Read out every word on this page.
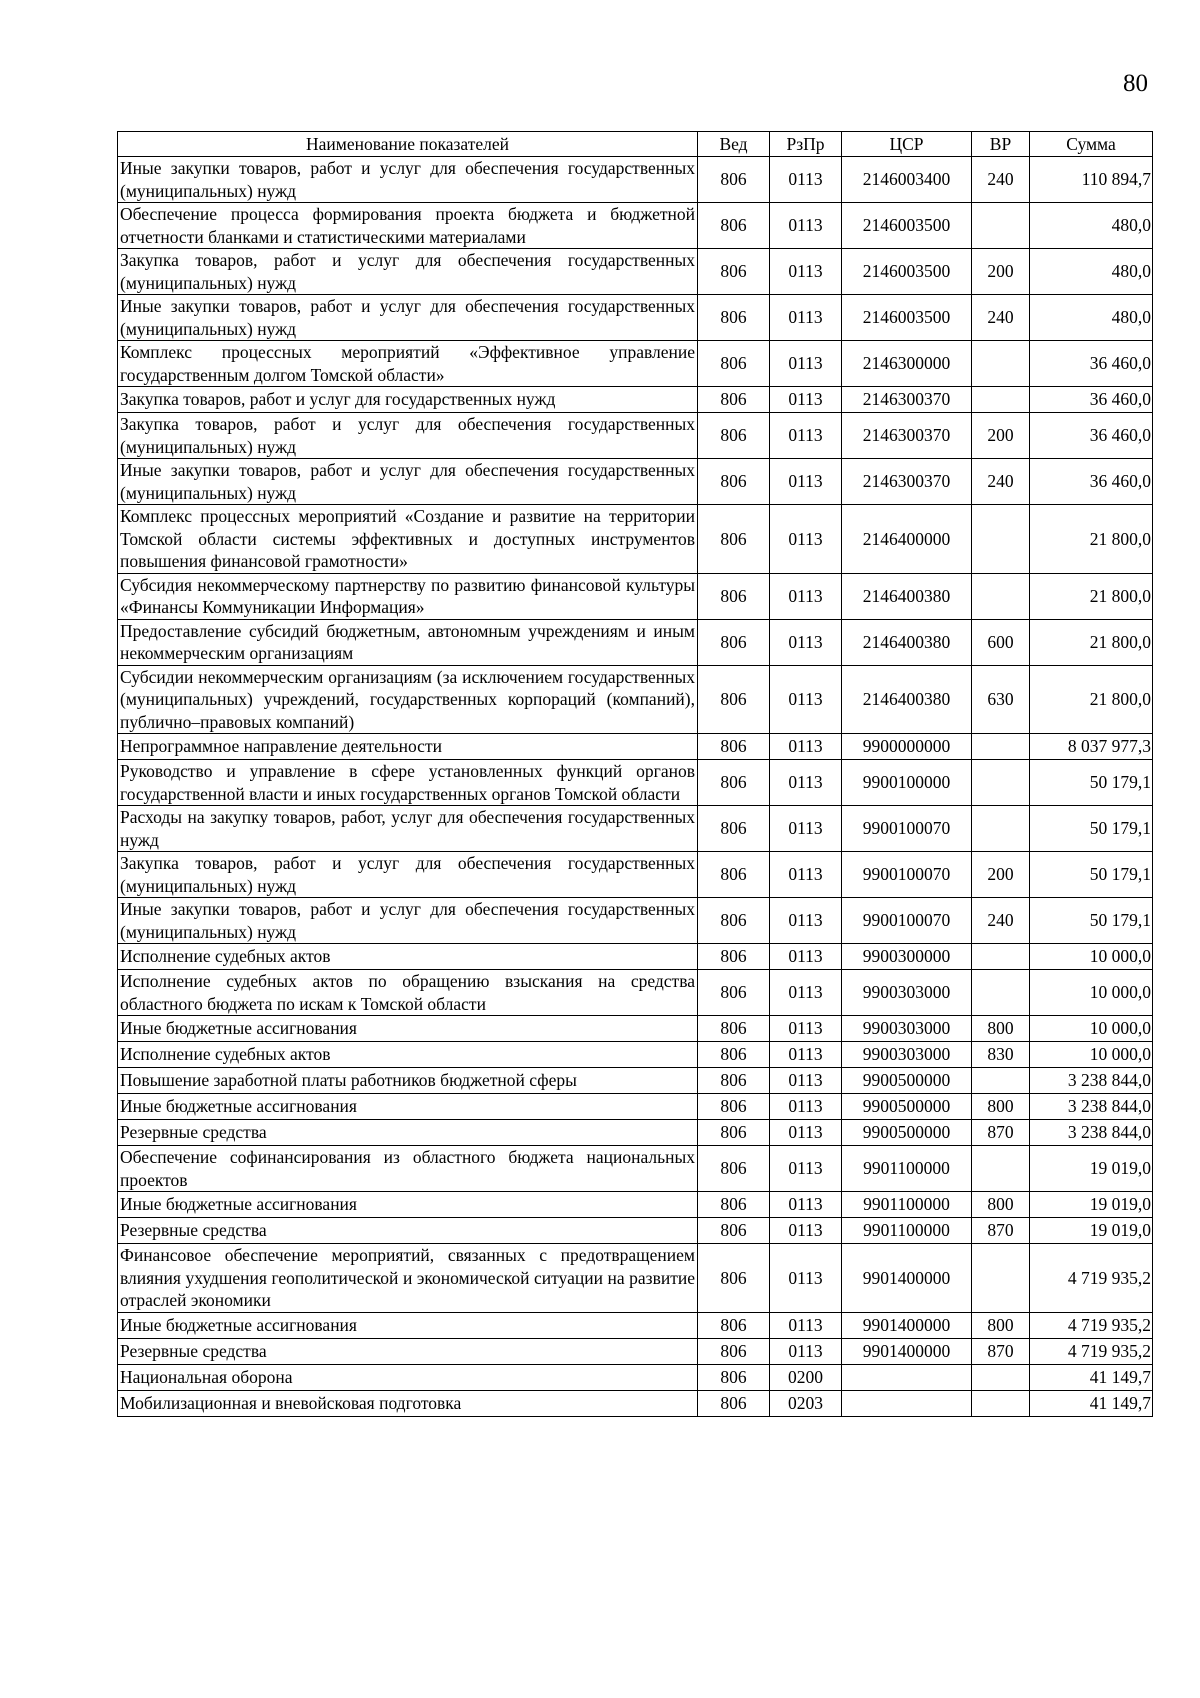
80
Наименование показателей	Вед	РзПр	ЦСР	ВР	Сумма
Иные закупки товаров, работ и услуг для обеспечения государственных (муниципальных) нужд	806	0113	2146003400	240	110 894,7
Обеспечение процесса формирования проекта бюджета и бюджетной отчетности бланками и статистическими материалами	806	0113	2146003500		480,0
Закупка товаров, работ и услуг для обеспечения государственных (муниципальных) нужд	806	0113	2146003500	200	480,0
Иные закупки товаров, работ и услуг для обеспечения государственных (муниципальных) нужд	806	0113	2146003500	240	480,0
Комплекс процессных мероприятий «Эффективное управление государственным долгом Томской области»	806	0113	2146300000		36 460,0
Закупка товаров, работ и услуг для государственных нужд	806	0113	2146300370		36 460,0
Закупка товаров, работ и услуг для обеспечения государственных (муниципальных) нужд	806	0113	2146300370	200	36 460,0
Иные закупки товаров, работ и услуг для обеспечения государственных (муниципальных) нужд	806	0113	2146300370	240	36 460,0
Комплекс процессных мероприятий «Создание и развитие на территории Томской области системы эффективных и доступных инструментов повышения финансовой грамотности»	806	0113	2146400000		21 800,0
Субсидия некоммерческому партнерству по развитию финансовой культуры «Финансы Коммуникации Информация»	806	0113	2146400380		21 800,0
Предоставление субсидий бюджетным, автономным учреждениям и иным некоммерческим организациям	806	0113	2146400380	600	21 800,0
Субсидии некоммерческим организациям (за исключением государственных (муниципальных) учреждений, государственных корпораций (компаний), публично–правовых компаний)	806	0113	2146400380	630	21 800,0
Непрограммное направление деятельности	806	0113	9900000000		8 037 977,3
Руководство и управление в сфере установленных функций органов государственной власти и иных государственных органов Томской области	806	0113	9900100000		50 179,1
Расходы на закупку товаров, работ, услуг для обеспечения государственных нужд	806	0113	9900100070		50 179,1
Закупка товаров, работ и услуг для обеспечения государственных (муниципальных) нужд	806	0113	9900100070	200	50 179,1
Иные закупки товаров, работ и услуг для обеспечения государственных (муниципальных) нужд	806	0113	9900100070	240	50 179,1
Исполнение судебных актов	806	0113	9900300000		10 000,0
Исполнение судебных актов по обращению взыскания на средства областного бюджета по искам к Томской области	806	0113	9900303000		10 000,0
Иные бюджетные ассигнования	806	0113	9900303000	800	10 000,0
Исполнение судебных актов	806	0113	9900303000	830	10 000,0
Повышение заработной платы работников бюджетной сферы	806	0113	9900500000		3 238 844,0
Иные бюджетные ассигнования	806	0113	9900500000	800	3 238 844,0
Резервные средства	806	0113	9900500000	870	3 238 844,0
Обеспечение софинансирования из областного бюджета национальных проектов	806	0113	9901100000		19 019,0
Иные бюджетные ассигнования	806	0113	9901100000	800	19 019,0
Резервные средства	806	0113	9901100000	870	19 019,0
Финансовое обеспечение мероприятий, связанных с предотвращением влияния ухудшения геополитической и экономической ситуации на развитие отраслей экономики	806	0113	9901400000		4 719 935,2
Иные бюджетные ассигнования	806	0113	9901400000	800	4 719 935,2
Резервные средства	806	0113	9901400000	870	4 719 935,2
Национальная оборона	806	0200			41 149,7
Мобилизационная и вневойсковая подготовка	806	0203			41 149,7
